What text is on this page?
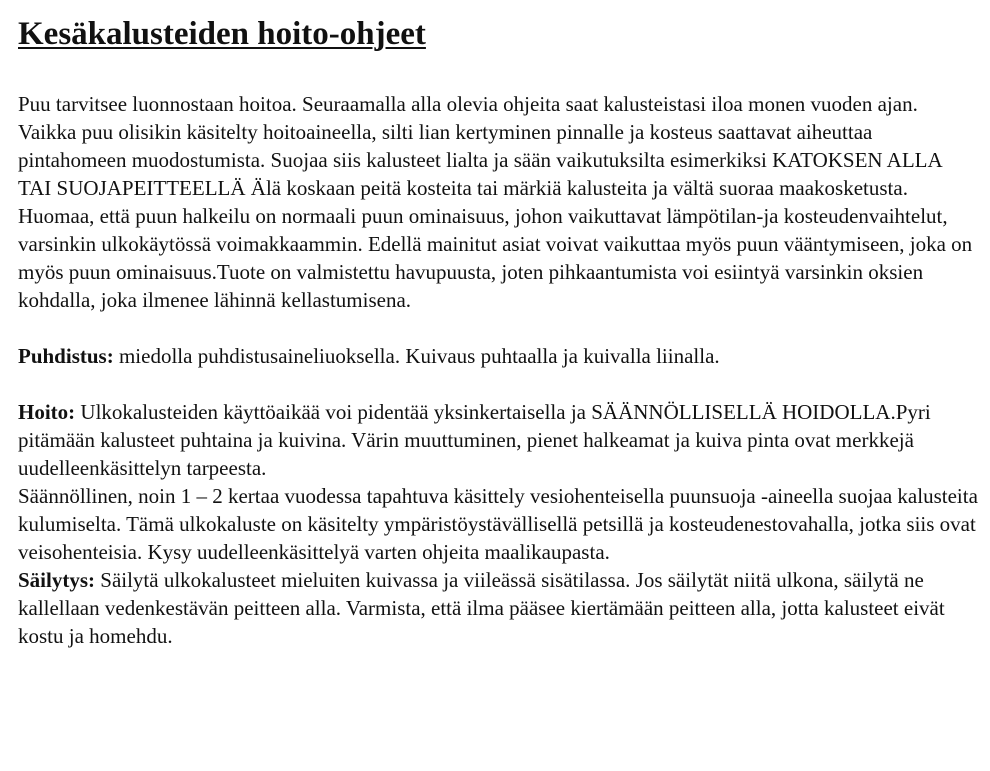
Kesäkalusteiden hoito-ohjeet

Puu tarvitsee luonnostaan hoitoa. Seuraamalla alla olevia ohjeita saat kalusteistasi iloa monen vuoden ajan.

Vaikka puu olisikin käsitelty hoitoaineella, silti lian kertyminen pinnalle ja kosteus saattavat aiheuttaa pintahomeen muodostumista. Suojaa siis kalusteet lialta ja sään vaikutuksilta esimerkiksi KATOKSEN ALLA TAI SUOJAPEITTEELLÄ Älä koskaan peitä kosteita tai märkiä kalusteita ja vältä suoraa maakosketusta. Huomaa, että puun halkeilu on normaali puun ominaisuus, johon vaikuttavat lämpötilan-ja kosteudenvaihtelut, varsinkin ulkokäytössä voimakkaammin. Edellä mainitut asiat voivat vaikuttaa myös puun vääntymiseen, joka on myös puun ominaisuus.Tuote on valmistettu havupuusta, joten pihkaantumista voi esiintyä varsinkin oksien kohdalla, joka ilmenee lähinnä kellastumisena.

Puhdistus: miedolla puhdistusaineliuoksella. Kuivaus puhtaalla ja kuivalla liinalla.

Hoito: Ulkokalusteiden käyttöaikää voi pidentää yksinkertaisella ja SÄÄNNÖLLISELLÄ HOIDOLLA.Pyri pitämään kalusteet puhtaina ja kuivina. Värin muuttuminen, pienet halkeamat ja kuiva pinta ovat merkkejä uudelleenkäsittelyn tarpeesta.

Säännöllinen, noin 1 – 2 kertaa vuodessa tapahtuva käsittely vesiohenteisella puunsuoja -aineella suojaa kalusteita kulumiselta. Tämä ulkokaluste on käsitelty ympäristöystävällisellä petsillä ja kosteudenestovahalla, jotka siis ovat veisohenteisia. Kysy uudelleenkäsittelyä varten ohjeita maalikaupasta.

Säilytys: Säilytä ulkokalusteet mieluiten kuivassa ja viileässä sisätilassa. Jos säilytät niitä ulkona, säilytä ne kallellaan vedenkestävän peitteen alla. Varmista, että ilma pääsee kiertämään peitteen alla, jotta kalusteet eivät kostu ja homehdu.
